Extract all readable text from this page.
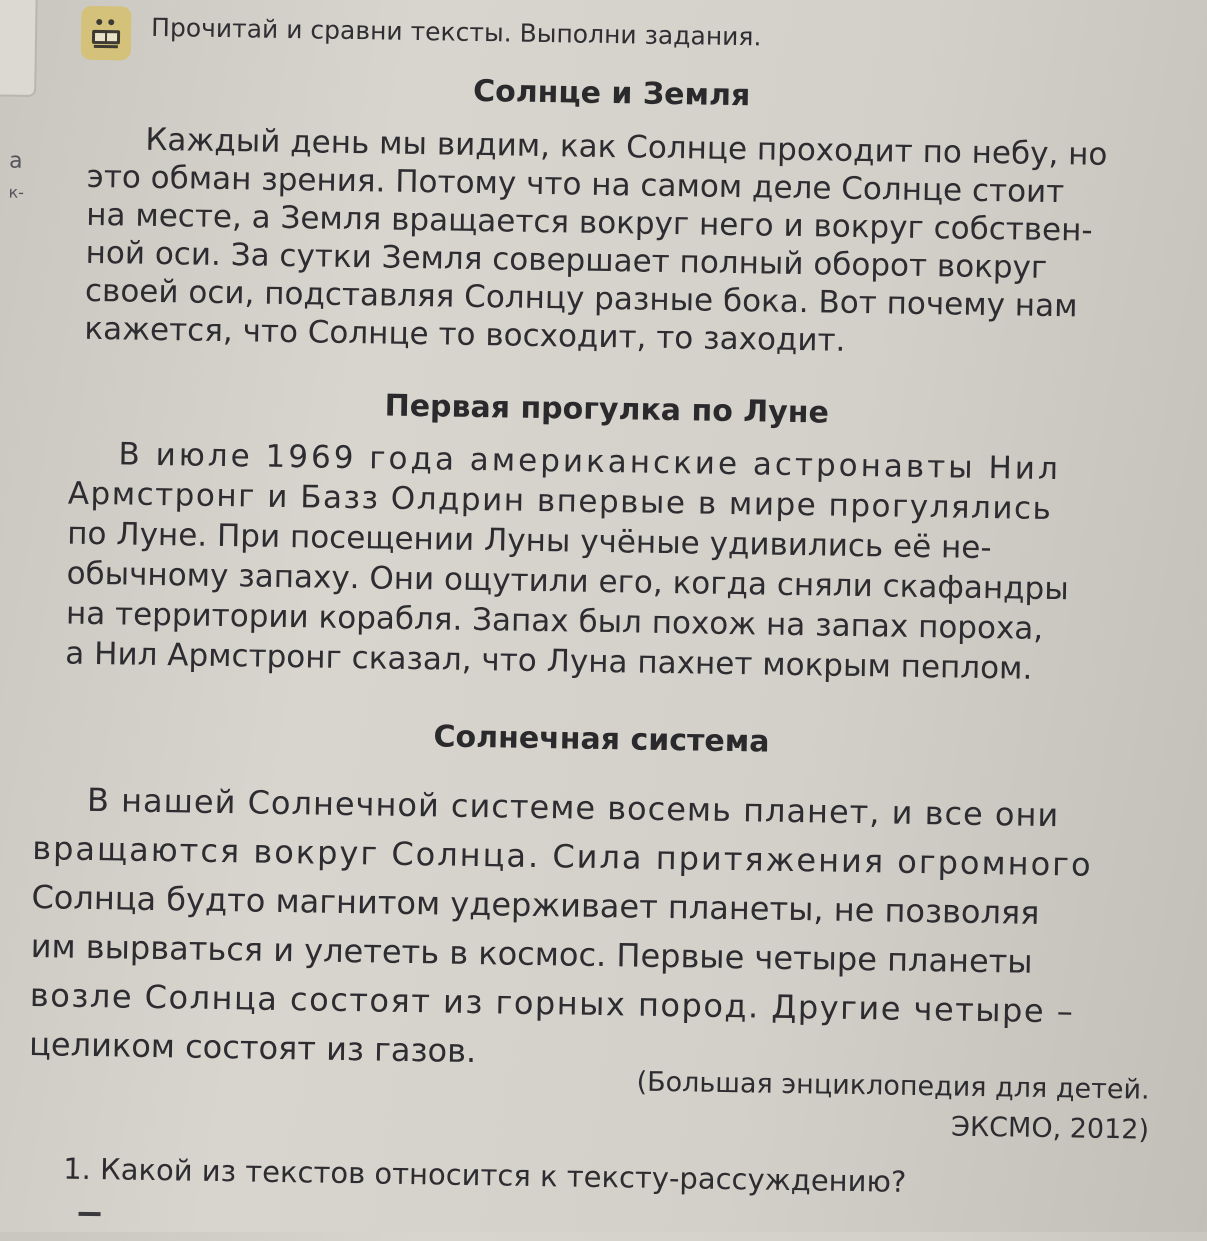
а
к-
Прочитай и сравни тексты. Выполни задания.
Солнце и Земля
Каждый день мы видим, как Солнце проходит по небу, но
это обман зрения. Потому что на самом деле Солнце стоит
на месте, а Земля вращается вокруг него и вокруг собствен-
ной оси. За сутки Земля совершает полный оборот вокруг
своей оси, подставляя Солнцу разные бока. Вот почему нам
кажется, что Солнце то восходит, то заходит.
Первая прогулка по Луне
В июле 1969 года американские астронавты Нил
Армстронг и Базз Олдрин впервые в мире прогулялись
по Луне. При посещении Луны учёные удивились её не-
обычному запаху. Они ощутили его, когда сняли скафандры
на территории корабля. Запах был похож на запах пороха,
а Нил Армстронг сказал, что Луна пахнет мокрым пеплом.
Солнечная система
В нашей Солнечной системе восемь планет, и все они
вращаются вокруг Солнца. Сила притяжения огромного
Солнца будто магнитом удерживает планеты, не позволяя
им вырваться и улететь в космос. Первые четыре планеты
возле Солнца состоят из горных пород. Другие четыре –
целиком состоят из газов.
(Большая энциклопедия для детей.
ЭКСМО, 2012)
1. Какой из текстов относится к тексту-рассуждению?
